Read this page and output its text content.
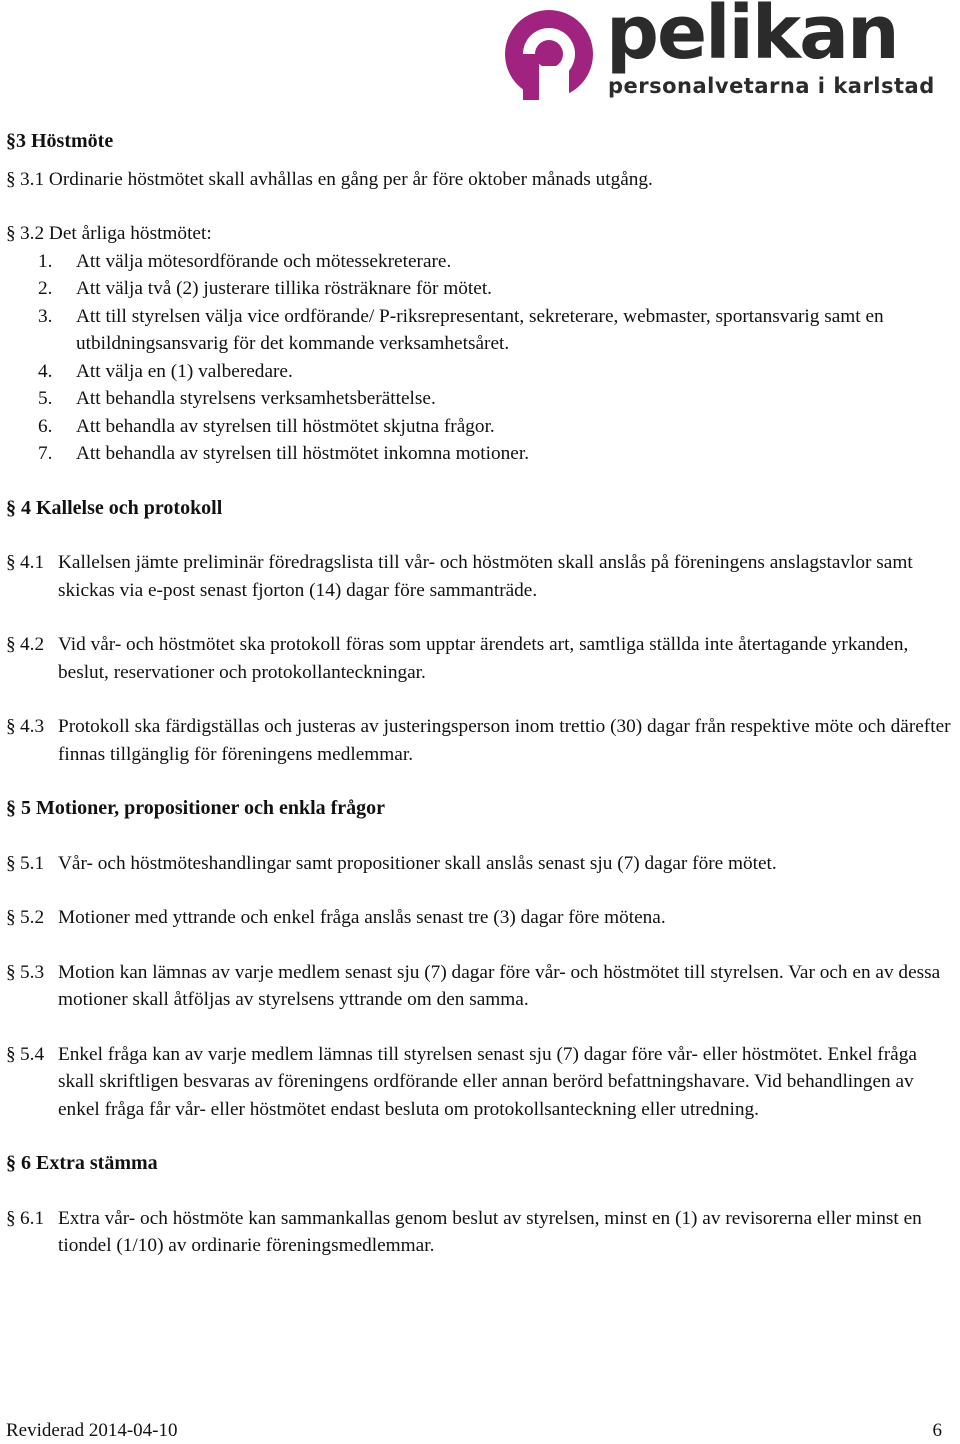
pelikan
personalvetarna i karlstad

§3 Höstmöte

§ 3.1 Ordinarie höstmötet skall avhållas en gång per år före oktober månads utgång.

§ 3.2 Det årliga höstmötet:

1. Att välja mötesordförande och mötessekreterare.
2. Att välja två (2) justerare tillika rösträknare för mötet.
3. Att till styrelsen välja vice ordförande/ P-riksrepresentant, sekreterare, webmaster, sportansvarig samt en utbildningsansvarig för det kommande verksamhetsåret.
4. Att välja en (1) valberedare.
5. Att behandla styrelsens verksamhetsberättelse.
6. Att behandla av styrelsen till höstmötet skjutna frågor.
7. Att behandla av styrelsen till höstmötet inkomna motioner.

§ 4 Kallelse och protokoll

§ 4.1 Kallelsen jämte preliminär föredragslista till vår- och höstmöten skall anslås på föreningens anslagstavlor samt skickas via e-post senast fjorton (14) dagar före sammanträde.

§ 4.2 Vid vår- och höstmötet ska protokoll föras som upptar ärendets art, samtliga ställda inte återtagande yrkanden, beslut, reservationer och protokollanteckningar.

§ 4.3 Protokoll ska färdigställas och justeras av justeringsperson inom trettio (30) dagar från respektive möte och därefter finnas tillgänglig för föreningens medlemmar.

§ 5 Motioner, propositioner och enkla frågor

§ 5.1 Vår- och höstmöteshandlingar samt propositioner skall anslås senast sju (7) dagar före mötet.

§ 5.2 Motioner med yttrande och enkel fråga anslås senast tre (3) dagar före mötena.

§ 5.3 Motion kan lämnas av varje medlem senast sju (7) dagar före vår- och höstmötet till styrelsen. Var och en av dessa motioner skall åtföljas av styrelsens yttrande om den samma.

§ 5.4 Enkel fråga kan av varje medlem lämnas till styrelsen senast sju (7) dagar före vår- eller höstmötet. Enkel fråga skall skriftligen besvaras av föreningens ordförande eller annan berörd befattningshavare. Vid behandlingen av enkel fråga får vår- eller höstmötet endast besluta om protokollsanteckning eller utredning.

§ 6 Extra stämma

§ 6.1 Extra vår- och höstmöte kan sammankallas genom beslut av styrelsen, minst en (1) av revisorerna eller minst en tiondel (1/10) av ordinarie föreningsmedlemmar.

Reviderad 2014-04-10	6
